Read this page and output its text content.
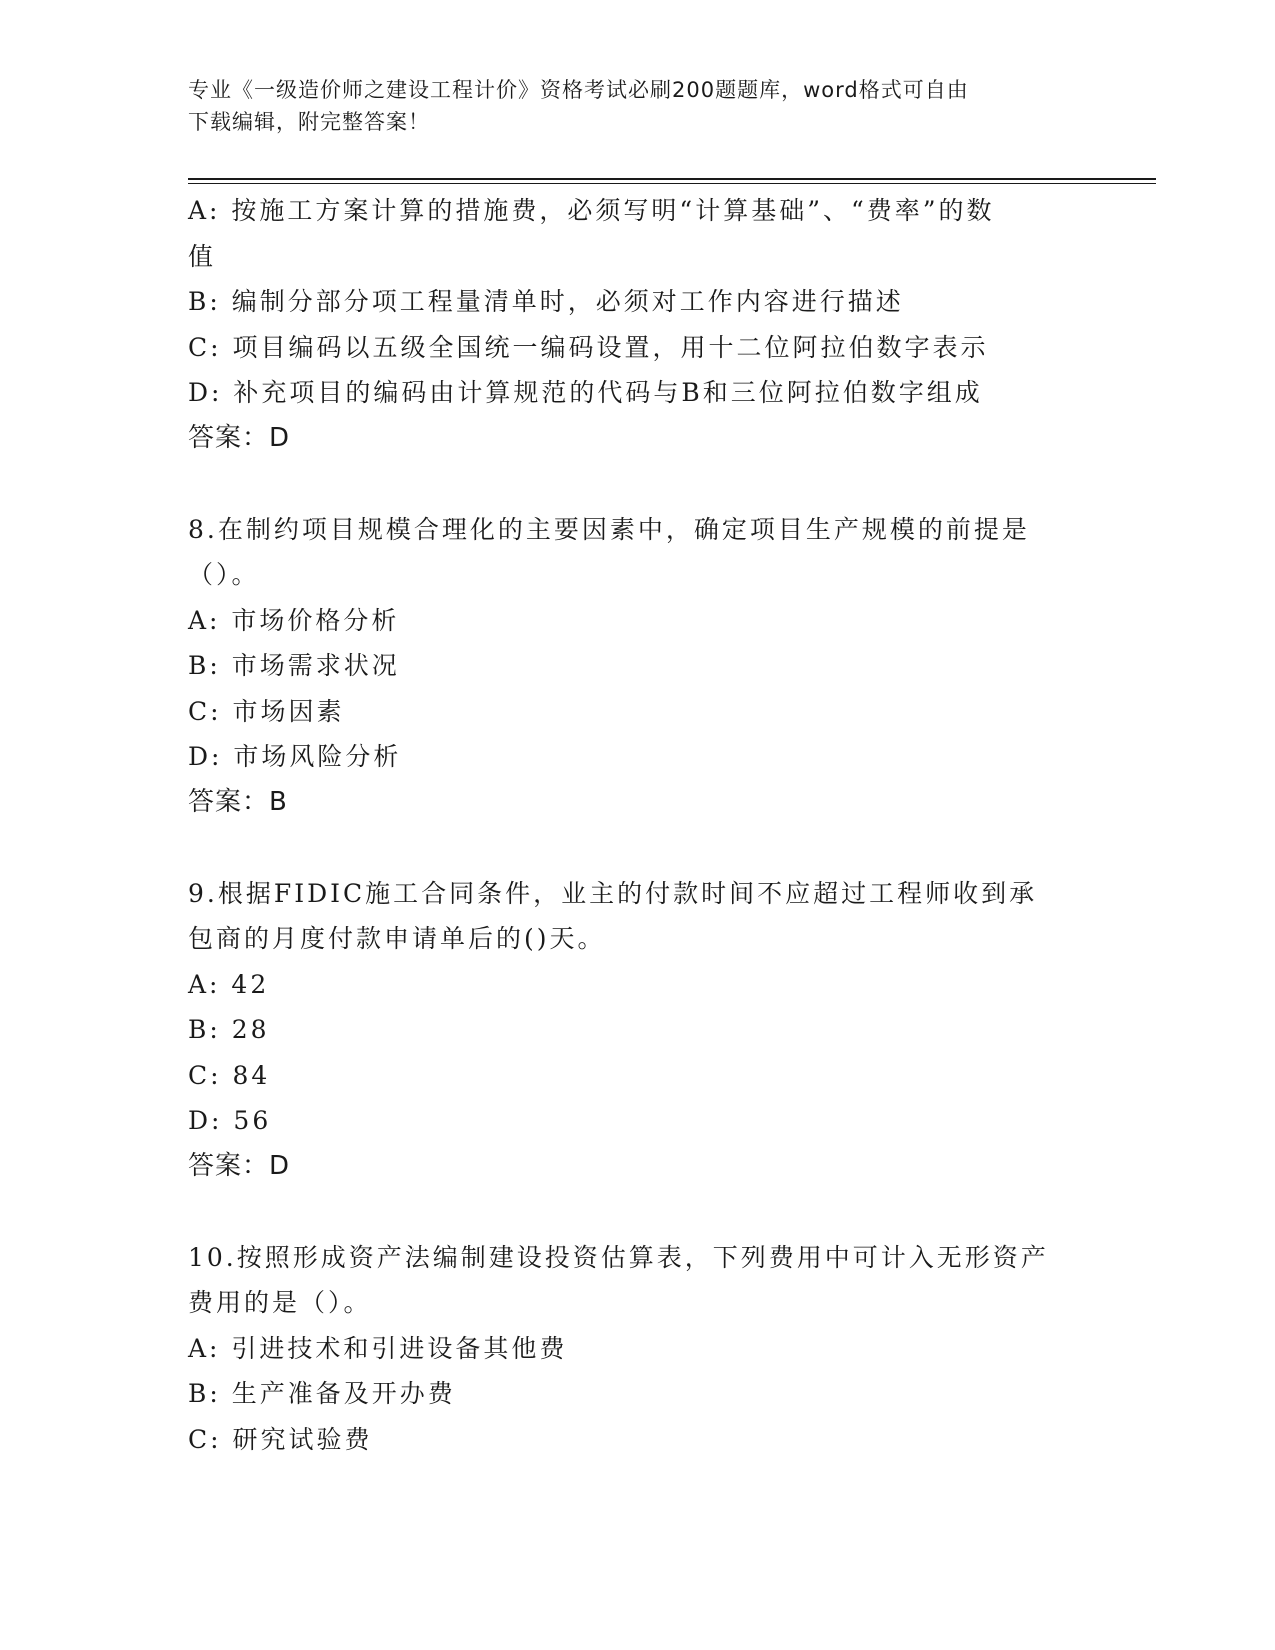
专业《一级造价师之建设工程计价》资格考试必刷200题题库，word格式可自由
下载编辑，附完整答案！
A: 按施工方案计算的措施费，必须写明“计算基础”、“费率”的数
值
B: 编制分部分项工程量清单时，必须对工作内容进行描述
C: 项目编码以五级全国统一编码设置，用十二位阿拉伯数字表示
D: 补充项目的编码由计算规范的代码与B和三位阿拉伯数字组成
答案：D
8.在制约项目规模合理化的主要因素中，确定项目生产规模的前提是
（）。
A: 市场价格分析
B: 市场需求状况
C: 市场因素
D: 市场风险分析
答案：B
9.根据FIDIC施工合同条件，业主的付款时间不应超过工程师收到承
包商的月度付款申请单后的()天。
A: 42
B: 28
C: 84
D: 56
答案：D
10.按照形成资产法编制建设投资估算表，下列费用中可计入无形资产
费用的是（）。
A: 引进技术和引进设备其他费
B: 生产准备及开办费
C: 研究试验费
